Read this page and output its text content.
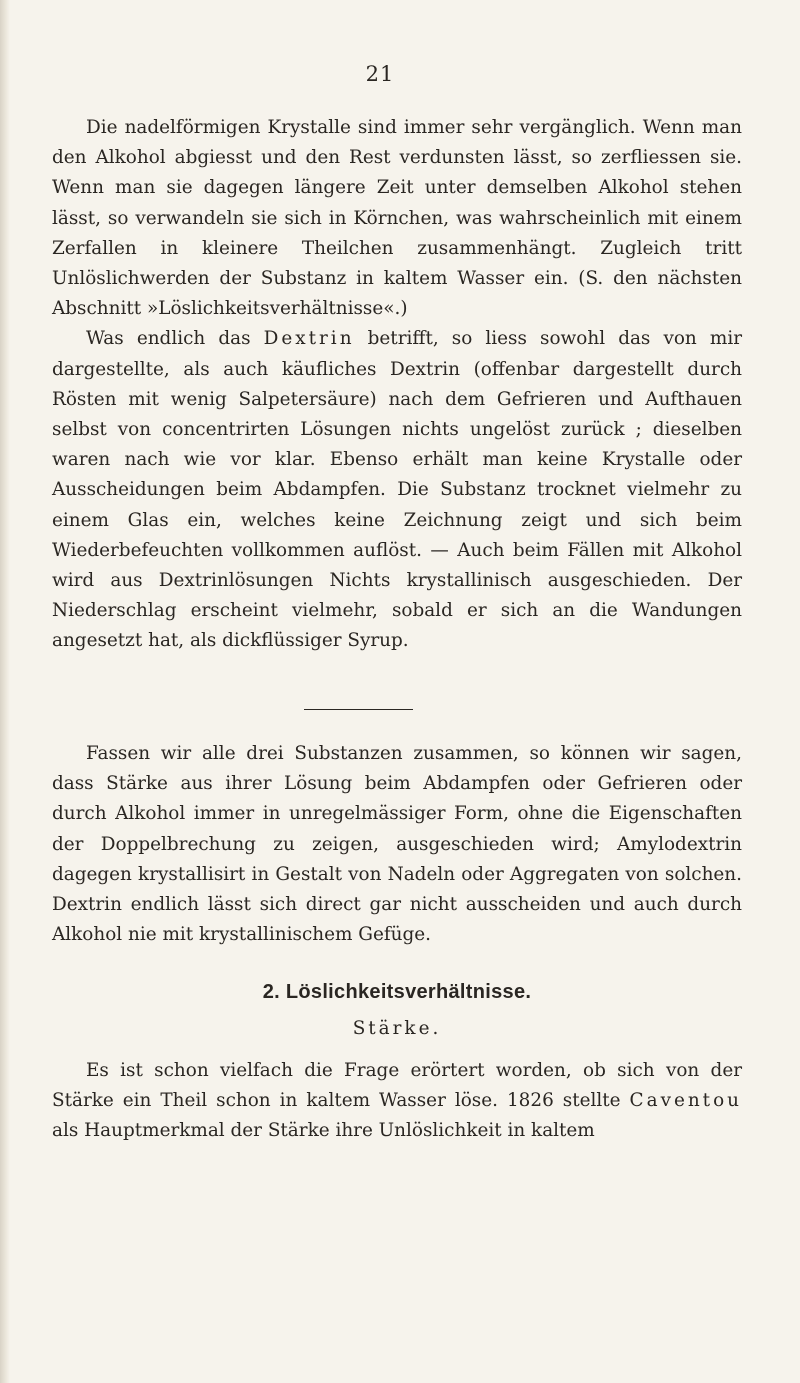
21

Die nadelförmigen Krystalle sind immer sehr vergänglich. Wenn man den Alkohol abgiesst und den Rest verdunsten lässt, so zerfliessen sie. Wenn man sie dagegen längere Zeit unter demselben Alkohol stehen lässt, so verwandeln sie sich in Körnchen, was wahrscheinlich mit einem Zerfallen in kleinere Theilchen zusammenhängt. Zugleich tritt Unlöslichwerden der Substanz in kaltem Wasser ein. (S. den nächsten Abschnitt »Löslichkeitsverhältnisse«.)

Was endlich das Dextrin betrifft, so liess sowohl das von mir dargestellte, als auch käufliches Dextrin (offenbar dargestellt durch Rösten mit wenig Salpetersäure) nach dem Gefrieren und Aufthauen selbst von concentrirten Lösungen nichts ungelöst zurück ; dieselben waren nach wie vor klar. Ebenso erhält man keine Krystalle oder Ausscheidungen beim Abdampfen. Die Substanz trocknet vielmehr zu einem Glas ein, welches keine Zeichnung zeigt und sich beim Wiederbefeuchten vollkommen auflöst. — Auch beim Fällen mit Alkohol wird aus Dextrinlösungen Nichts krystallinisch ausgeschieden. Der Niederschlag erscheint vielmehr, sobald er sich an die Wandungen angesetzt hat, als dickflüssiger Syrup.

Fassen wir alle drei Substanzen zusammen, so können wir sagen, dass Stärke aus ihrer Lösung beim Abdampfen oder Gefrieren oder durch Alkohol immer in unregelmässiger Form, ohne die Eigenschaften der Doppelbrechung zu zeigen, ausgeschieden wird; Amylodextrin dagegen krystallisirt in Gestalt von Nadeln oder Aggregaten von solchen. Dextrin endlich lässt sich direct gar nicht ausscheiden und auch durch Alkohol nie mit krystallinischem Gefüge.

2. Löslichkeitsverhältnisse.
Stärke.

Es ist schon vielfach die Frage erörtert worden, ob sich von der Stärke ein Theil schon in kaltem Wasser löse. 1826 stellte Caventou als Hauptmerkmal der Stärke ihre Unlöslichkeit in kaltem
